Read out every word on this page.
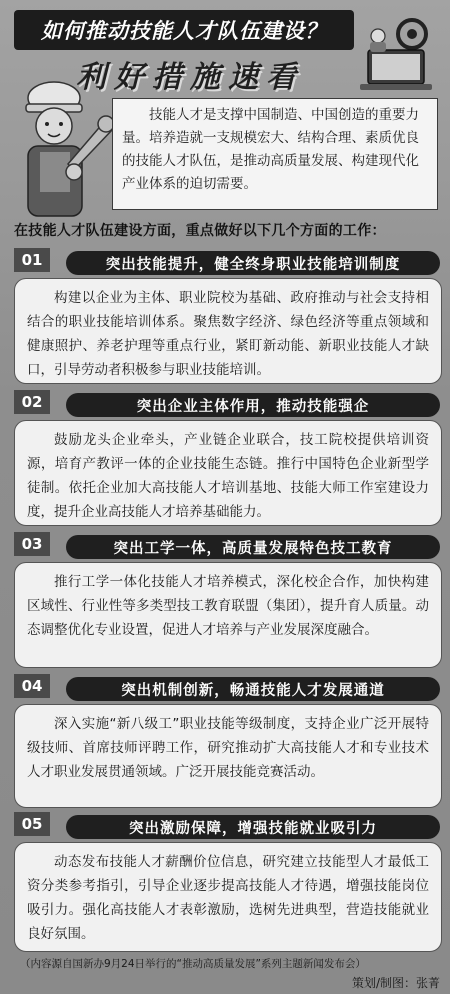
如何推动技能人才队伍建设？
利好措施速看
技能人才是支撑中国制造、中国创造的重要力量。培养造就一支规模宏大、结构合理、素质优良的技能人才队伍，是推动高质量发展、构建现代化产业体系的迫切需要。
在技能人才队伍建设方面，重点做好以下几个方面的工作：
01	突出技能提升，健全终身职业技能培训制度
构建以企业为主体、职业院校为基础、政府推动与社会支持相结合的职业技能培训体系。聚焦数字经济、绿色经济等重点领域和健康照护、养老护理等重点行业，紧盯新动能、新职业技能人才缺口，引导劳动者积极参与职业技能培训。
02	突出企业主体作用，推动技能强企
鼓励龙头企业牵头，产业链企业联合，技工院校提供培训资源，培育产教评一体的企业技能生态链。推行中国特色企业新型学徒制。依托企业加大高技能人才培训基地、技能大师工作室建设力度，提升企业高技能人才培养基础能力。
03	突出工学一体，高质量发展特色技工教育
推行工学一体化技能人才培养模式，深化校企合作，加快构建区域性、行业性等多类型技工教育联盟（集团），提升育人质量。动态调整优化专业设置，促进人才培养与产业发展深度融合。
04	突出机制创新，畅通技能人才发展通道
深入实施“新八级工”职业技能等级制度，支持企业广泛开展特级技师、首席技师评聘工作，研究推动扩大高技能人才和专业技术人才职业发展贯通领域。广泛开展技能竞赛活动。
05	突出激励保障，增强技能就业吸引力
动态发布技能人才薪酬价位信息，研究建立技能型人才最低工资分类参考指引，引导企业逐步提高技能人才待遇，增强技能岗位吸引力。强化高技能人才表彰激励，选树先进典型，营造技能就业良好氛围。
（内容源自国新办9月24日举行的“推动高质量发展”系列主题新闻发布会）
策划/制图：张菁
